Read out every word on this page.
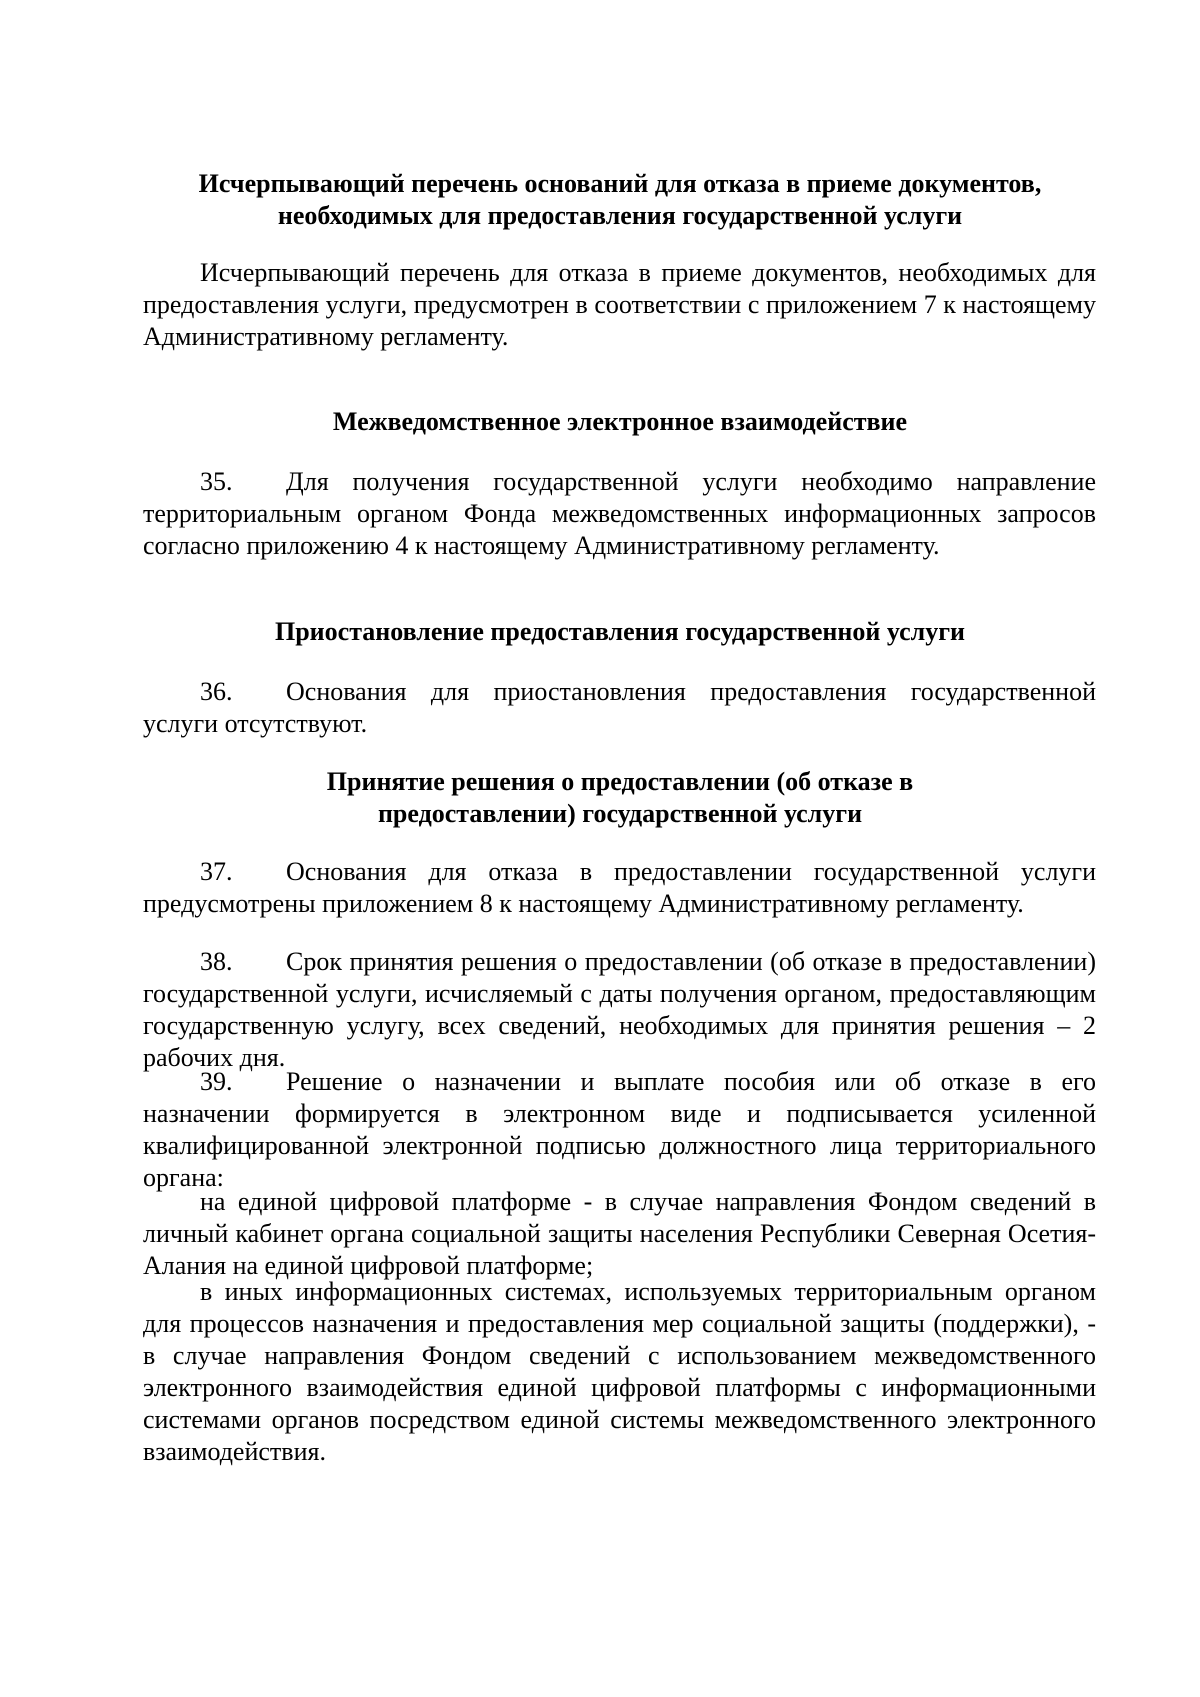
Исчерпывающий перечень оснований для отказа в приеме документов, необходимых для предоставления государственной услуги

Исчерпывающий перечень для отказа в приеме документов, необходимых для предоставления услуги, предусмотрен в соответствии с приложением 7 к настоящему Административному регламенту.

Межведомственное электронное взаимодействие

35. Для получения государственной услуги необходимо направление территориальным органом Фонда межведомственных информационных запросов согласно приложению 4 к настоящему Административному регламенту.

Приостановление предоставления государственной услуги

36. Основания для приостановления предоставления государственной услуги отсутствуют.

Принятие решения о предоставлении (об отказе в предоставлении) государственной услуги

37. Основания для отказа в предоставлении государственной услуги предусмотрены приложением 8 к настоящему Административному регламенту.

38. Срок принятия решения о предоставлении (об отказе в предоставлении) государственной услуги, исчисляемый с даты получения органом, предоставляющим государственную услугу, всех сведений, необходимых для принятия решения – 2 рабочих дня.

39. Решение о назначении и выплате пособия или об отказе в его назначении формируется в электронном виде и подписывается усиленной квалифицированной электронной подписью должностного лица территориального органа:

на единой цифровой платформе - в случае направления Фондом сведений в личный кабинет органа социальной защиты населения Республики Северная Осетия-Алания на единой цифровой платформе;

в иных информационных системах, используемых территориальным органом для процессов назначения и предоставления мер социальной защиты (поддержки), - в случае направления Фондом сведений с использованием межведомственного электронного взаимодействия единой цифровой платформы с информационными системами органов посредством единой системы межведомственного электронного взаимодействия.
